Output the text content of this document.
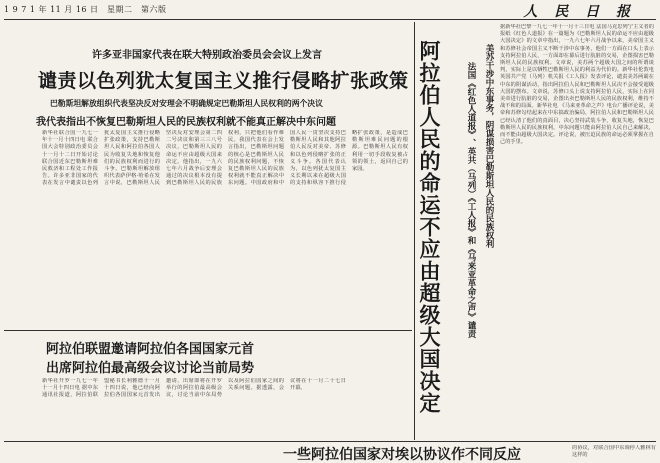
1 9 7 1 年 11 月 16 日　星期二　第六版	人 民 日 报
许多亚非国家代表在联大特别政治委员会会议上发言
谴责以色列犹太复国主义推行侵略扩张政策
巴勒斯坦解放组织代表坚决反对安理会不明确规定巴勒斯坦人民权利的两个决议
我代表指出不恢复巴勒斯坦人民的民族权利就不能真正解决中东问题
新华社联合国一九七一年十一月十四日电 联合国大会特别政治委员会十一月十二日开始讨论联合国近东巴勒斯坦难民救济和工程处工作报告。许多亚非国家的代表在发言中谴责以色列犹太复国主义推行侵略扩张政策，支持巴勒斯坦人民和阿拉伯各国人民为收复失地和恢复他们的民族权利而进行的斗争。巴勒斯坦解放组织代表萨伊格·哈希在发言中说，巴勒斯坦人民坚决反对安理会第二四二号决议和第三三八号决议，巴勒斯坦人民的命运不应由超级大国来决定。他指出，一九六七年六月战争后安理会通过的决议根本没有提到巴勒斯坦人民的民族权利，只把他们看作难民。我国代表在会上发言指出，巴勒斯坦问题的核心是巴勒斯坦人民的民族权利问题，不恢复巴勒斯坦人民的民族权利就不能真正解决中东问题。中国政府和中国人民一贯坚决支持巴勒斯坦人民和其他阿拉伯人民反对美帝、苏修和以色列侵略扩张的正义斗争。各国代表认为，以色列犹太复国主义长期以来在超级大国的支持和纵容下推行侵略扩张政策，是造成巴勒斯坦难民问题的根源。巴勒斯坦人民有权利用一切手段收复被占领的领土，返回自己的家园。
阿拉伯联盟邀请阿拉伯各国国家元首
出席阿拉伯最高级会议讨论当前局势
新华社开罗一九七一年十一月十四日电 据中东通讯社报道，阿拉伯联盟秘书长利雅德十一月十四日说，他已经向阿拉伯各国国家元首发出邀请，出席即将在开罗举行的阿拉伯最高级会议，讨论当前中东局势以及阿拉伯国家之间的关系问题。据透露，会议将在十一月二十七日开幕。	阿拉伯人民的命运不应由超级大国决定	美苏干涉中东事务，阴谋损害巴勒斯坦人民的民族权利
法国《红色人道报》、英共（马列）《工人报》和《马来亚革命之声》谴责
据新华社巴黎一九七一年十一月十三日电 法国马克思列宁主义者的报纸《红色人道报》在一篇题为《巴勒斯坦人民的命运不应由超级大国决定》的文章中指出，一九六七年六月战争以来，美帝国主义和苏修社会帝国主义不断干涉中东事务，他们一方面在口头上表示支持阿拉伯人民，一方面却在幕后进行肮脏的交易，企图损害巴勒斯坦人民的民族权利。文章说，美苏两个超级大国之间的所谓谈判，实际上是以牺牲巴勒斯坦人民的利益为代价的。新华社伦敦电 英国共产党（马列）机关报《工人报》发表评论，谴责美苏两霸在中东的阴谋活动，指出阿拉伯人民和巴勒斯坦人民决不会接受超级大国的摆布。文章说，苏修口头上说支持阿拉伯人民，实际上在同美帝进行肮脏的交易，企图出卖巴勒斯坦人民的民族权利，维持不战不和的局面。新华社电 《马来亚革命之声》电台广播评论说，美帝和苏修勾结起来在中东搞政治骗局，阿拉伯人民和巴勒斯坦人民已经认清了他们的真面目，决心坚持武装斗争，收复失地，恢复巴勒斯坦人民的民族权利，中东问题只能由阿拉伯人民自己来解决，而不能由超级大国决定。评论说，被压迫民族的命运必须掌握在自己的手里。
一些阿拉伯国家对埃以协议作不同反应	的协议，对联合国中东调停人雅林有这样的
